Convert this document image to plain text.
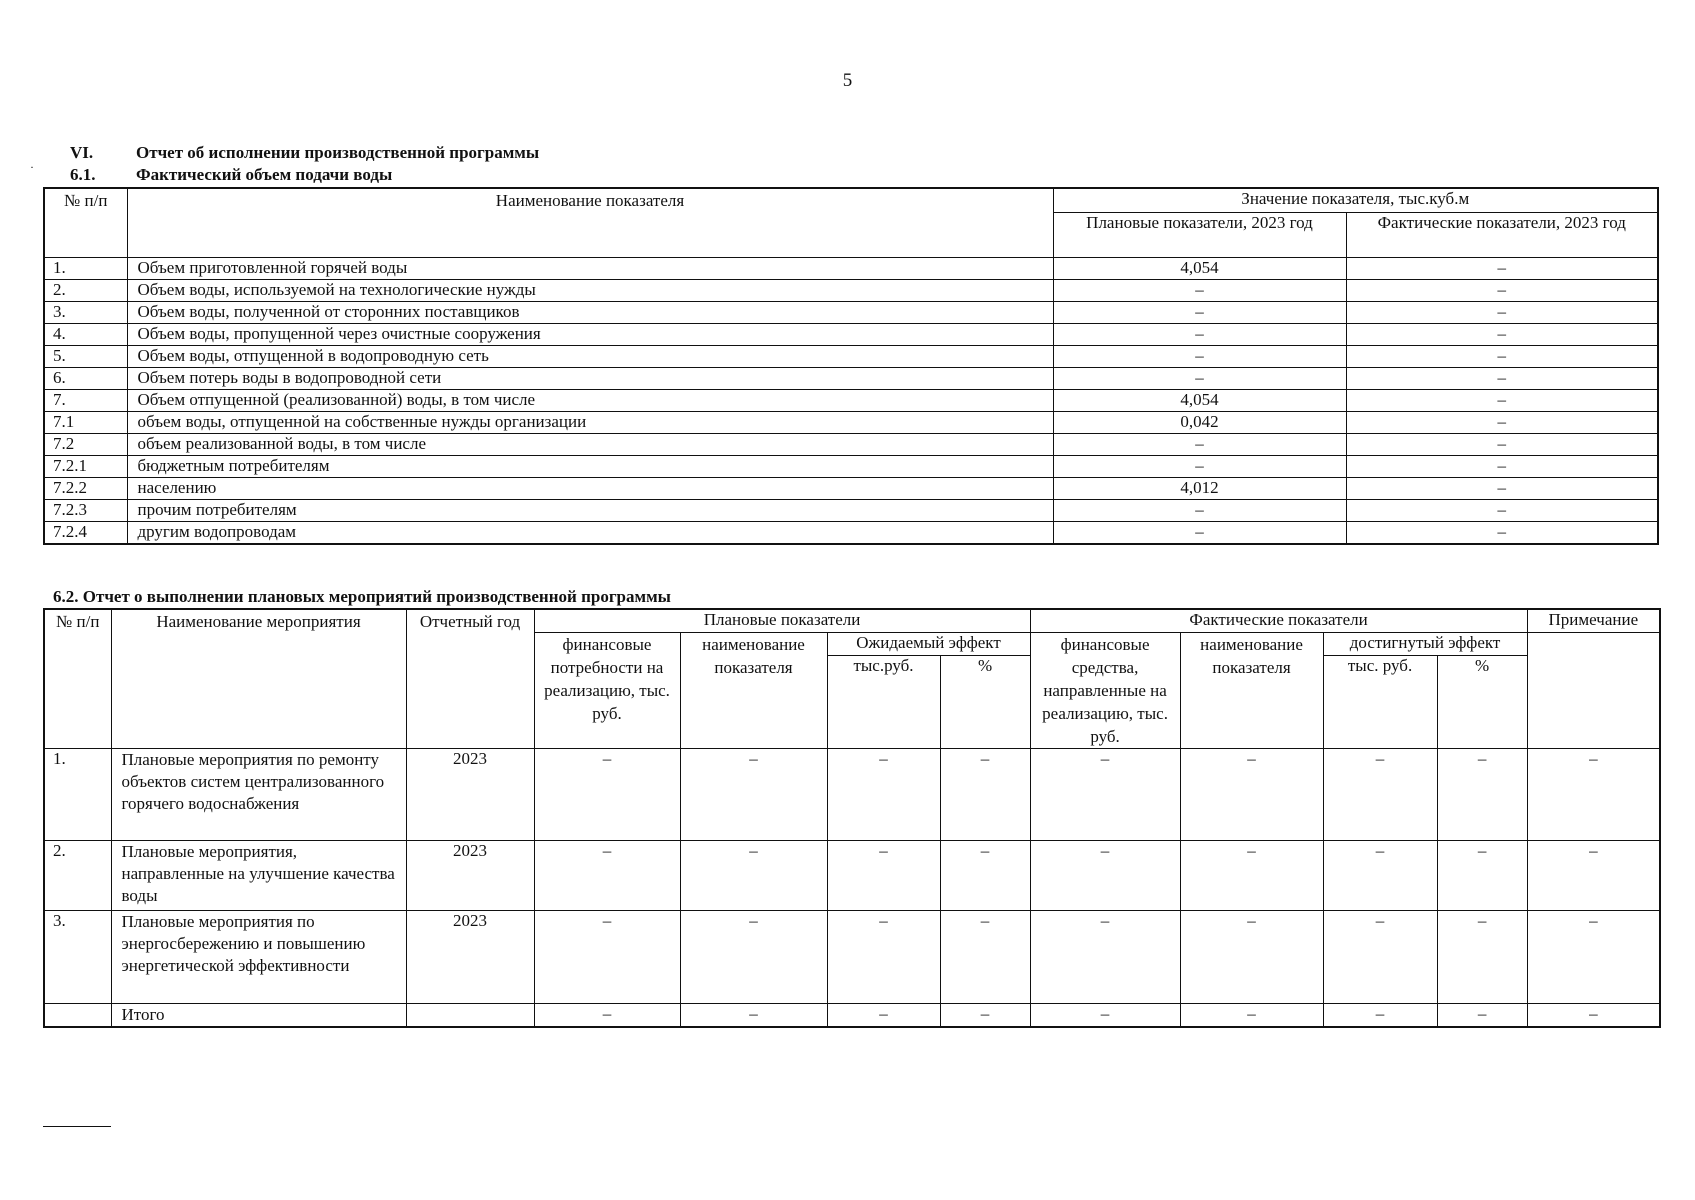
5
VI.	Отчет об исполнении производственной программы
· 6.1. Фактический объем подачи воды
№ п/п	Наименование показателя	Значение показателя, тыс.куб.м	
		Плановые показатели, 2023 год	Фактические показатели, 2023 год
1.	Объем приготовленной горячей воды	4,054	–
2.	Объем воды, используемой на технологические нужды	–	–
3.	Объем воды, полученной от сторонних поставщиков	–	–
4.	Объем воды, пропущенной через очистные сооружения	–	–
5.	Объем воды, отпущенной в водопроводную сеть	–	–
6.	Объем потерь воды в водопроводной сети	–	–
7.	Объем отпущенной (реализованной) воды, в том числе	4,054	–
7.1	объем воды, отпущенной на собственные нужды организации	0,042	–
7.2	объем реализованной воды, в том числе	–	–
7.2.1	бюджетным потребителям	–	–
7.2.2	населению	4,012	–
7.2.3	прочим потребителям	–	–
7.2.4	другим водопроводам	–	–
6.2. Отчет о выполнении плановых мероприятий производственной программы
№ п/п	Наименование мероприятия	Отчетный год	Плановые показатели				Фактические показатели				Примечание
			финансовые потребности на реализацию, тыс. руб.	наименование показателя	Ожидаемый эффект		финансовые средства, направленные на реализацию, тыс. руб.	наименование показателя	достигнутый эффект		
					тыс.руб.	%			тыс. руб.	%	
1.	Плановые мероприятия по ремонту объектов систем централизованного горячего водоснабжения	2023	–	–	–	–	–	–	–	–	–
2.	Плановые мероприятия, направленные на улучшение качества воды	2023	–	–	–	–	–	–	–	–	–
3.	Плановые мероприятия по энергосбережению и повышению энергетической эффективности	2023	–	–	–	–	–	–	–	–	–
	Итого		–	–	–	–	–	–	–	–	–
